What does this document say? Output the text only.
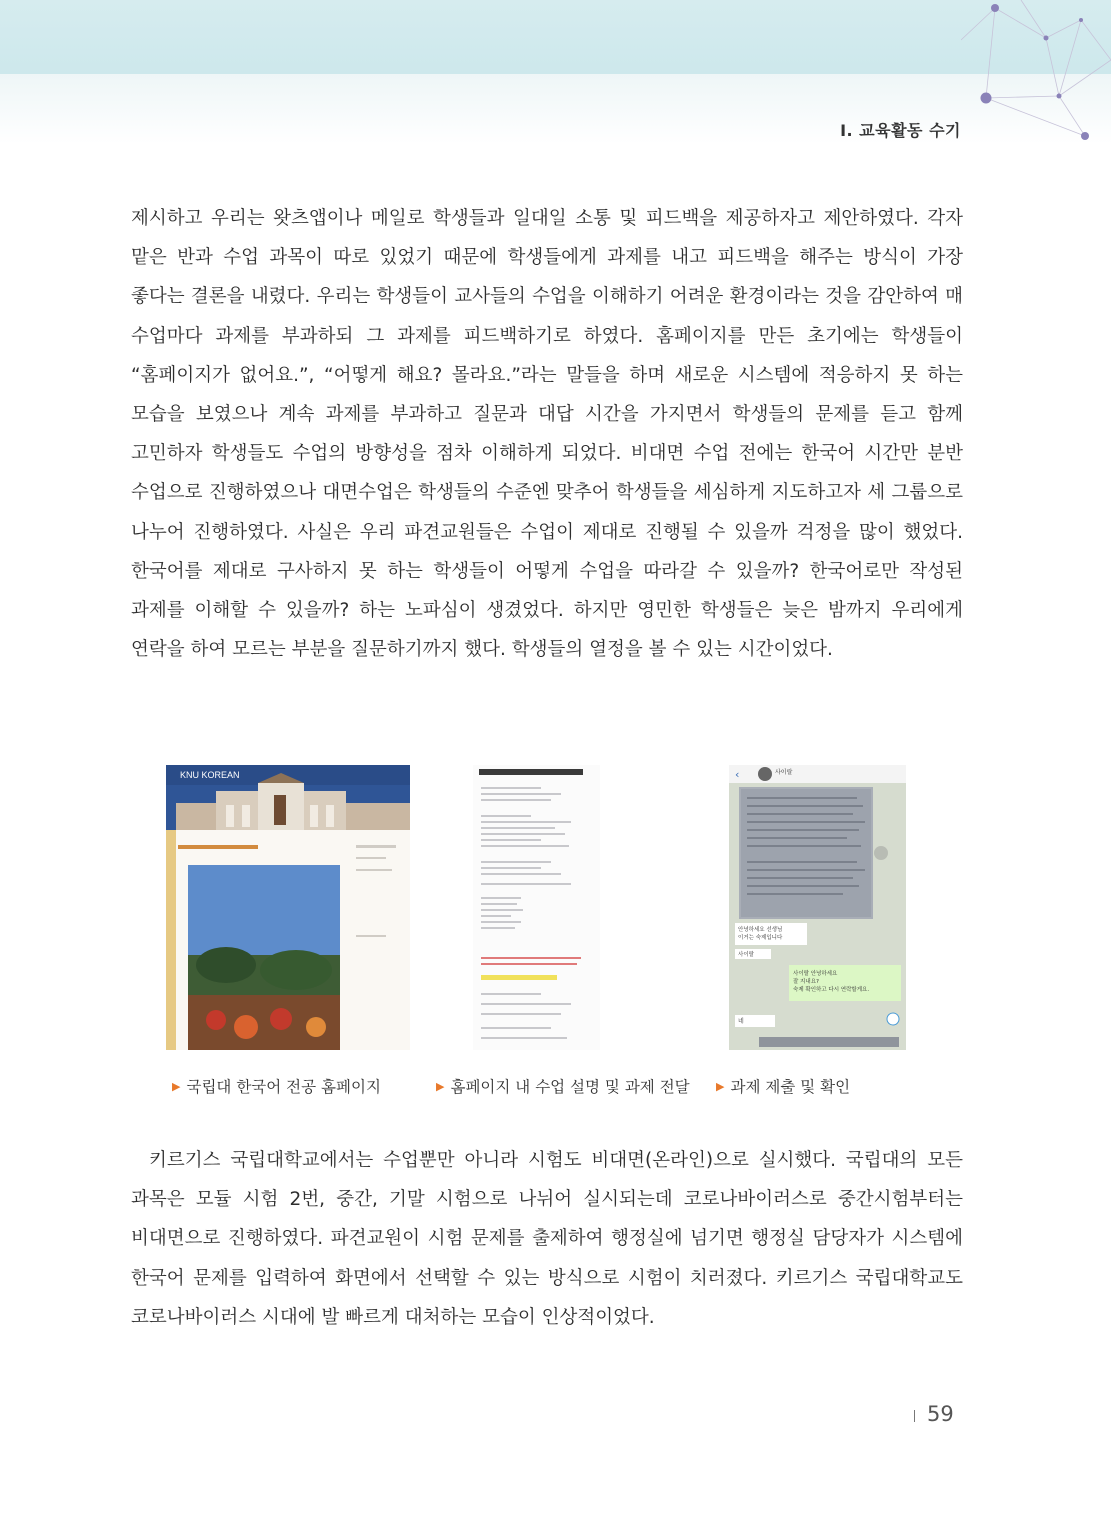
Ⅰ. 교육활동 수기

제시하고 우리는 왓츠앱이나 메일로 학생들과 일대일 소통 및 피드백을 제공하자고 제안하였다. 각자 맡은 반과 수업 과목이 따로 있었기 때문에 학생들에게 과제를 내고 피드백을 해주는 방식이 가장 좋다는 결론을 내렸다. 우리는 학생들이 교사들의 수업을 이해하기 어려운 환경이라는 것을 감안하여 매 수업마다 과제를 부과하되 그 과제를 피드백하기로 하였다. 홈페이지를 만든 초기에는 학생들이 “홈페이지가 없어요.”, “어떻게 해요? 몰라요.”라는 말들을 하며 새로운 시스템에 적응하지 못 하는 모습을 보였으나 계속 과제를 부과하고 질문과 대답 시간을 가지면서 학생들의 문제를 듣고 함께 고민하자 학생들도 수업의 방향성을 점차 이해하게 되었다. 비대면 수업 전에는 한국어 시간만 분반 수업으로 진행하였으나 대면수업은 학생들의 수준엔 맞추어 학생들을 세심하게 지도하고자 세 그룹으로 나누어 진행하였다. 사실은 우리 파견교원들은 수업이 제대로 진행될 수 있을까 걱정을 많이 했었다. 한국어를 제대로 구사하지 못 하는 학생들이 어떻게 수업을 따라갈 수 있을까? 한국어로만 작성된 과제를 이해할 수 있을까? 하는 노파심이 생겼었다. 하지만 영민한 학생들은 늦은 밤까지 우리에게 연락을 하여 모르는 부분을 질문하기까지 했다. 학생들의 열정을 볼 수 있는 시간이었다.

KNU KOREAN	‹	사이랄
안녕하세요 선생님
이거는 숙제입니다
사이랄
사이랄 안녕하세요
잘 지내요?
숙제 확인하고 다시 연락할게요.
네
▶ 국립대 한국어 전공 홈페이지	▶ 홈페이지 내 수업 설명 및 과제 전달 ▶ 과제 제출 및 확인

키르기스 국립대학교에서는 수업뿐만 아니라 시험도 비대면(온라인)으로 실시했다. 국립대의 모든 과목은 모듈 시험 2번, 중간, 기말 시험으로 나뉘어 실시되는데 코로나바이러스로 중간시험부터는 비대면으로 진행하였다. 파견교원이 시험 문제를 출제하여 행정실에 넘기면 행정실 담당자가 시스템에 한국어 문제를 입력하여 화면에서 선택할 수 있는 방식으로 시험이 치러졌다. 키르기스 국립대학교도 코로나바이러스 시대에 발 빠르게 대처하는 모습이 인상적이었다.

59
